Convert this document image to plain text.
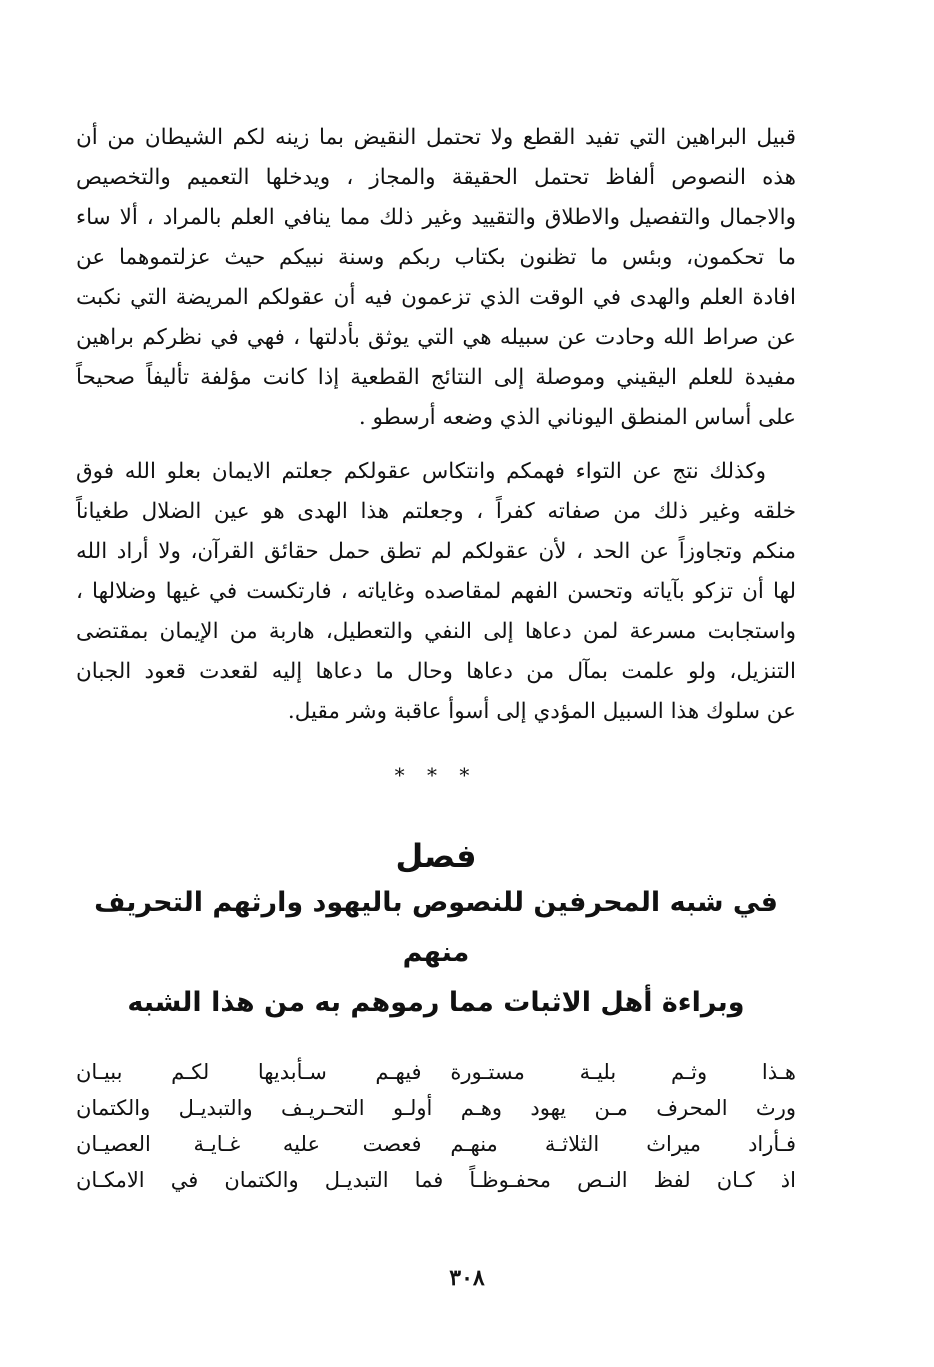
قبيل البراهين التي تفيد القطع ولا تحتمل النقيض بما زينه لكم الشيطان من أن
هذه النصوص ألفاظ تحتمل الحقيقة والمجاز ، ويدخلها التعميم والتخصيص
والاجمال والتفصيل والاطلاق والتقييد وغير ذلك مما ينافي العلم بالمراد ، ألا ساء
ما تحكمون، وبئس ما تظنون بكتاب ربكم وسنة نبيكم حيث عزلتموهما عن
افادة العلم والهدى في الوقت الذي تزعمون فيه أن عقولكم المريضة التي نكبت
عن صراط الله وحادت عن سبيله هي التي يوثق بأدلتها ، فهي في نظركم براهين
مفيدة للعلم اليقيني وموصلة إلى النتائج القطعية إذا كانت مؤلفة تأليفاً صحيحاً
على أساس المنطق اليوناني الذي وضعه أرسطو .
وكذلك نتج عن التواء فهمكم وانتكاس عقولكم جعلتم الايمان بعلو الله فوق
خلقه وغير ذلك من صفاته كفراً ، وجعلتم هذا الهدى هو عين الضلال طغياناً
منكم وتجاوزاً عن الحد ، لأن عقولكم لم تطق حمل حقائق القرآن، ولا أراد الله
لها أن تزكو بآياته وتحسن الفهم لمقاصده وغاياته ، فارتكست في غيها وضلالها ،
واستجابت مسرعة لمن دعاها إلى النفي والتعطيل، هاربة من الإيمان بمقتضى
التنزيل، ولو علمت بمآل من دعاها وحال ما دعاها إليه لقعدت قعود الجبان
عن سلوك هذا السبيل المؤدي إلى أسوأ عاقبة وشر مقيل.
* * *
فصل
في شبه المحرفين للنصوص باليهود وارثهم التحريف منهم
وبراءة أهل الاثبات مما رموهم به من هذا الشبه
هـذا وثـم بليـة مستـورة
فيهـم سـأبديها لكـم ببيـان
ورث المحرف مـن يهود وهـم أولـو التحـريـف والتبديـل والكتمان
فـأراد ميراث الثلاثـة منهـم
فعصت عليه غـايـة العصيـان
اذ كـان لفظ النـص محفـوظـاً فما التبديـل والكتمان في الامكـان
٣٠٨
